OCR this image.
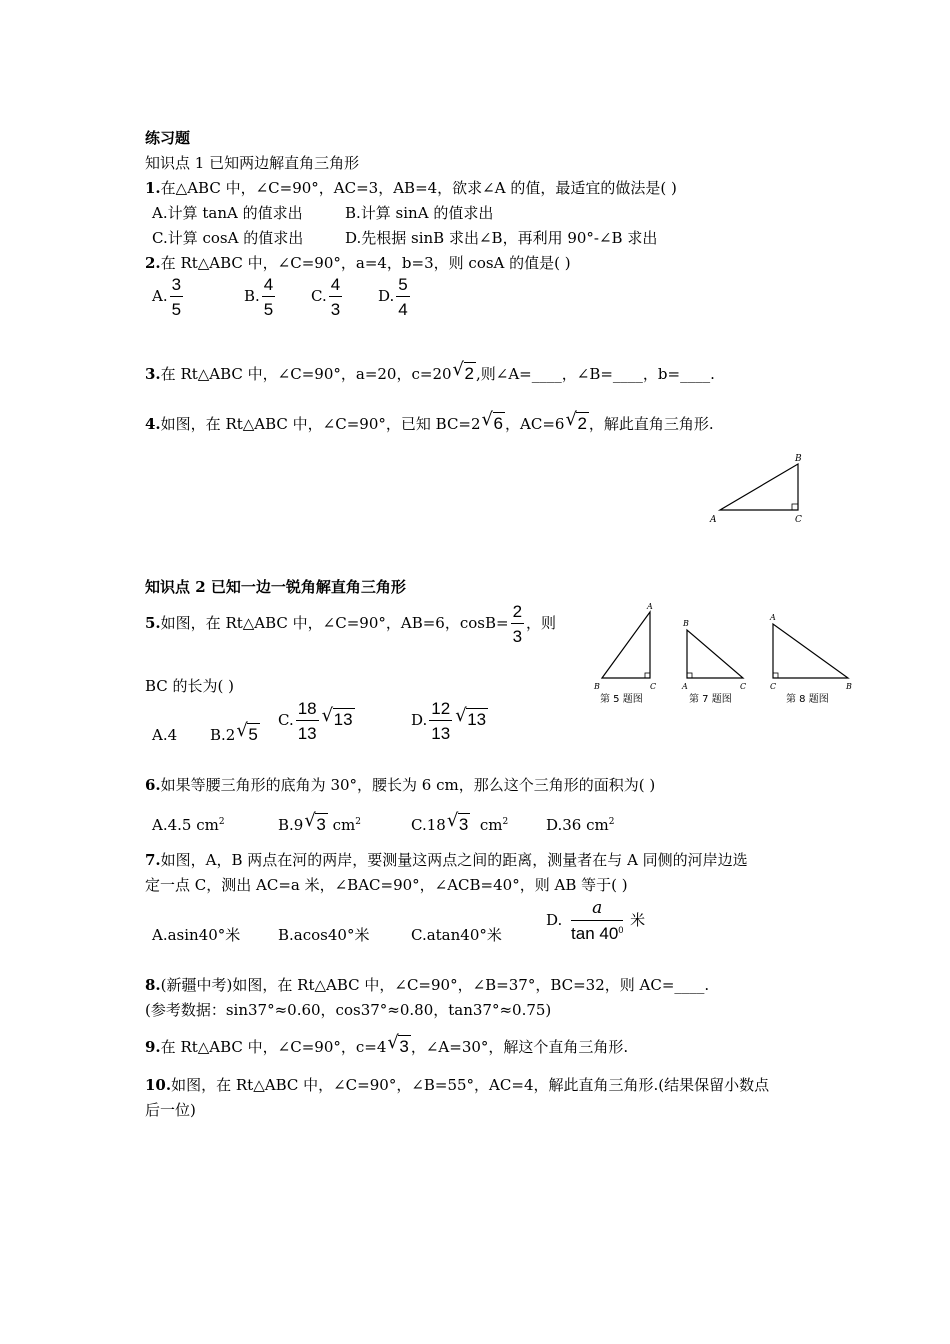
练习题
知识点 1 已知两边解直角三角形
1.在△ABC 中，∠C=90°，AC=3，AB=4，欲求∠A 的值，最适宜的做法是( )
A.计算 tanA 的值求出	B.计算 sinA 的值求出
C.计算 cosA 的值求出	D.先根据 sinB 求出∠B，再利用 90°-∠B 求出
2.在 Rt△ABC 中，∠C=90°，a=4，b=3，则 cosA 的值是( )
A. $\frac{3}{5}$	B. $\frac{4}{5} C$. $\frac{4}{3} D$. $\frac{5}{4}$
3.在 Rt△ABC 中，∠C=90°，a=20，c=20 √ 2 ,则∠A=____，∠B=____，b=____.
4.如图，在 Rt△ABC 中，∠C=90°，已知 BC=2 √ 6 ，AC=6 √ 2 ，解此直角三角形.
A
B
C
知识点 2 已知一边一锐角解直角三角形
5.如图，在 Rt△ABC 中，∠C=90°，AB=6，$\cos B= \frac{2}{3}$ ，则
BC 的长为( )
A.4 B.2 √ 5
C. $\frac{18}{13}$ √ 13	D. $\frac{12}{13}$ √ 13
B
A
C
第 5 题图
B
A	C
第 7 题图
A
C	B
第 8 题图
6.如果等腰三角形的底角为 30°，腰长为 6 cm，那么这个三角形的面积为( )
A.4.5 $cm^2$	B.9 √ 3 $cm^2$	C.18 √ 3 $cm^2$	D.36 $cm^2$
7.如图，A，B 两点在河的两岸，要测量这两点之间的距离，测量者在与 A 同侧的河岸边选
定一点 C，测出 AC=a 米，∠BAC=90°，∠ACB=40°，则 AB 等于( )
A.asin40°米	B.acos40°米	C.atan40°米
D. $\frac{a}{\tan 40^0}$ 米
8.(新疆中考)如图，在 Rt△ABC 中，∠C=90°，∠B=37°，BC=32，则 AC=____.
(参考数据：sin37°≈0.60，cos37°≈0.80，tan37°≈0.75)
9.在 Rt△ABC 中，∠C=90°，c=4 √ 3 ，∠A=30°，解这个直角三角形.
10.如图，在 Rt△ABC 中，∠C=90°，∠B=55°，AC=4，解此直角三角形.(结果保留小数点
后一位)
